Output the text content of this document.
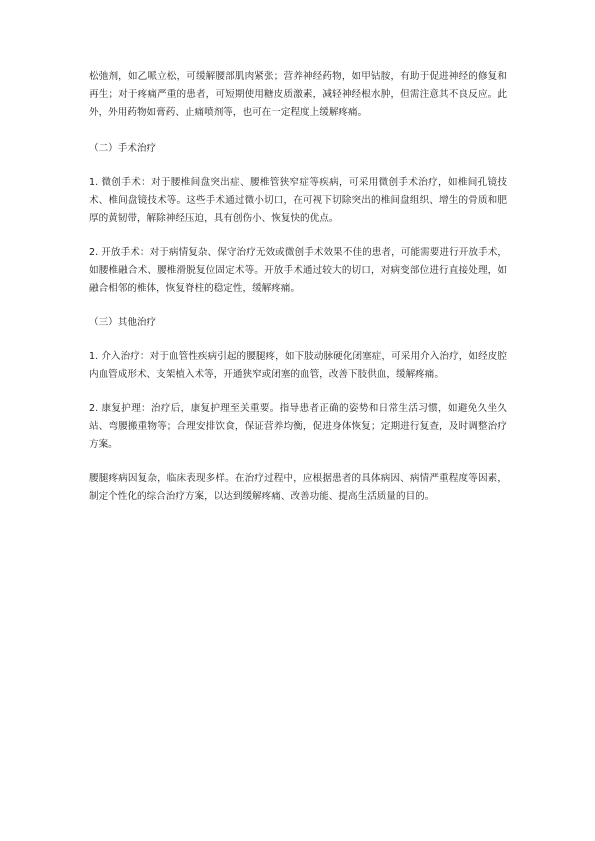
松弛剂，如乙哌立松，可缓解腰部肌肉紧张；营养神经药物，如甲钴胺，有助于促进神经的修复和再生；对于疼痛严重的患者，可短期使用糖皮质激素，减轻神经根水肿，但需注意其不良反应。此外，外用药物如膏药、止痛喷剂等，也可在一定程度上缓解疼痛。

（二）手术治疗

1. 微创手术：对于腰椎间盘突出症、腰椎管狭窄症等疾病，可采用微创手术治疗，如椎间孔镜技术、椎间盘镜技术等。这些手术通过微小切口，在可视下切除突出的椎间盘组织、增生的骨质和肥厚的黄韧带，解除神经压迫，具有创伤小、恢复快的优点。

2. 开放手术：对于病情复杂、保守治疗无效或微创手术效果不佳的患者，可能需要进行开放手术，如腰椎融合术、腰椎滑脱复位固定术等。开放手术通过较大的切口，对病变部位进行直接处理，如融合相邻的椎体，恢复脊柱的稳定性，缓解疼痛。

（三）其他治疗

1. 介入治疗：对于血管性疾病引起的腰腿疼，如下肢动脉硬化闭塞症，可采用介入治疗，如经皮腔内血管成形术、支架植入术等，开通狭窄或闭塞的血管，改善下肢供血，缓解疼痛。

2. 康复护理：治疗后，康复护理至关重要。指导患者正确的姿势和日常生活习惯，如避免久坐久站、弯腰搬重物等；合理安排饮食，保证营养均衡，促进身体恢复；定期进行复查，及时调整治疗方案。

腰腿疼病因复杂，临床表现多样。在治疗过程中，应根据患者的具体病因、病情严重程度等因素，制定个性化的综合治疗方案，以达到缓解疼痛、改善功能、提高生活质量的目的。
